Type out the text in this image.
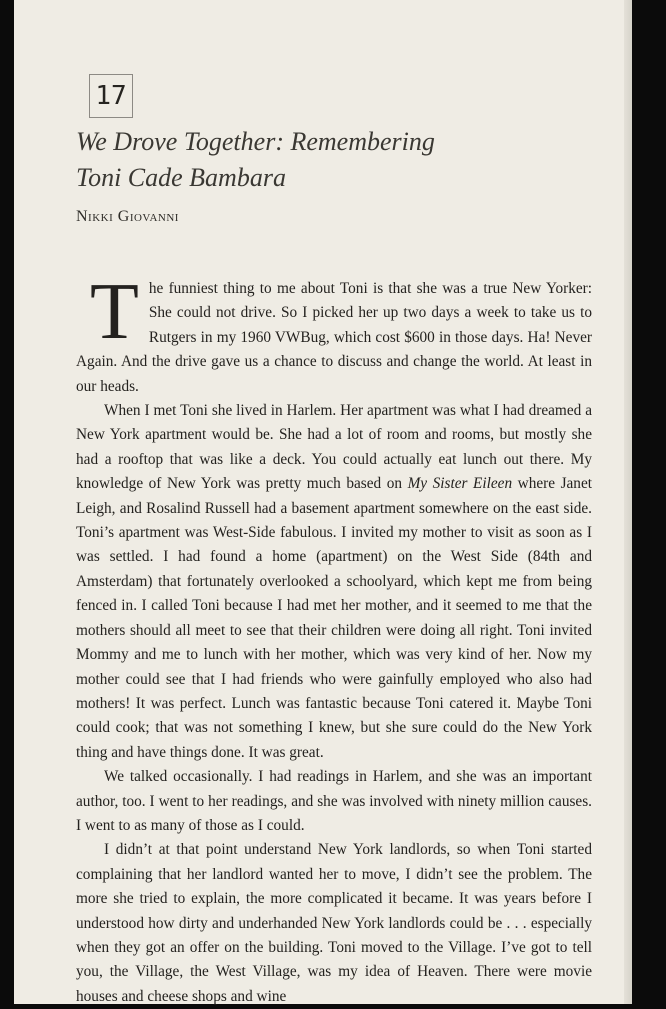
17
We Drove Together: Remembering
Toni Cade Bambara
Nikki Giovanni

The funniest thing to me about Toni is that she was a true New Yorker: She could not drive. So I picked her up two days a week to take us to Rutgers in my 1960 VWBug, which cost $600 in those days. Ha! Never Again. And the drive gave us a chance to discuss and change the world. At least in our heads.

When I met Toni she lived in Harlem. Her apartment was what I had dreamed a New York apartment would be. She had a lot of room and rooms, but mostly she had a rooftop that was like a deck. You could actually eat lunch out there. My knowledge of New York was pretty much based on My Sister Eileen where Janet Leigh, and Rosalind Russell had a basement apartment somewhere on the east side. Toni’s apartment was West-Side fabulous. I invited my mother to visit as soon as I was settled. I had found a home (apartment) on the West Side (84th and Amsterdam) that fortunately overlooked a schoolyard, which kept me from being fenced in. I called Toni because I had met her mother, and it seemed to me that the mothers should all meet to see that their children were doing all right. Toni invited Mommy and me to lunch with her mother, which was very kind of her. Now my mother could see that I had friends who were gainfully employed who also had mothers! It was perfect. Lunch was fantastic because Toni catered it. Maybe Toni could cook; that was not something I knew, but she sure could do the New York thing and have things done. It was great.

We talked occasionally. I had readings in Harlem, and she was an important author, too. I went to her readings, and she was involved with ninety million causes. I went to as many of those as I could.

I didn’t at that point understand New York landlords, so when Toni started complaining that her landlord wanted her to move, I didn’t see the problem. The more she tried to explain, the more complicated it became. It was years before I understood how dirty and underhanded New York landlords could be . . . especially when they got an offer on the building. Toni moved to the Village. I’ve got to tell you, the Village, the West Village, was my idea of Heaven. There were movie houses and cheese shops and wine
